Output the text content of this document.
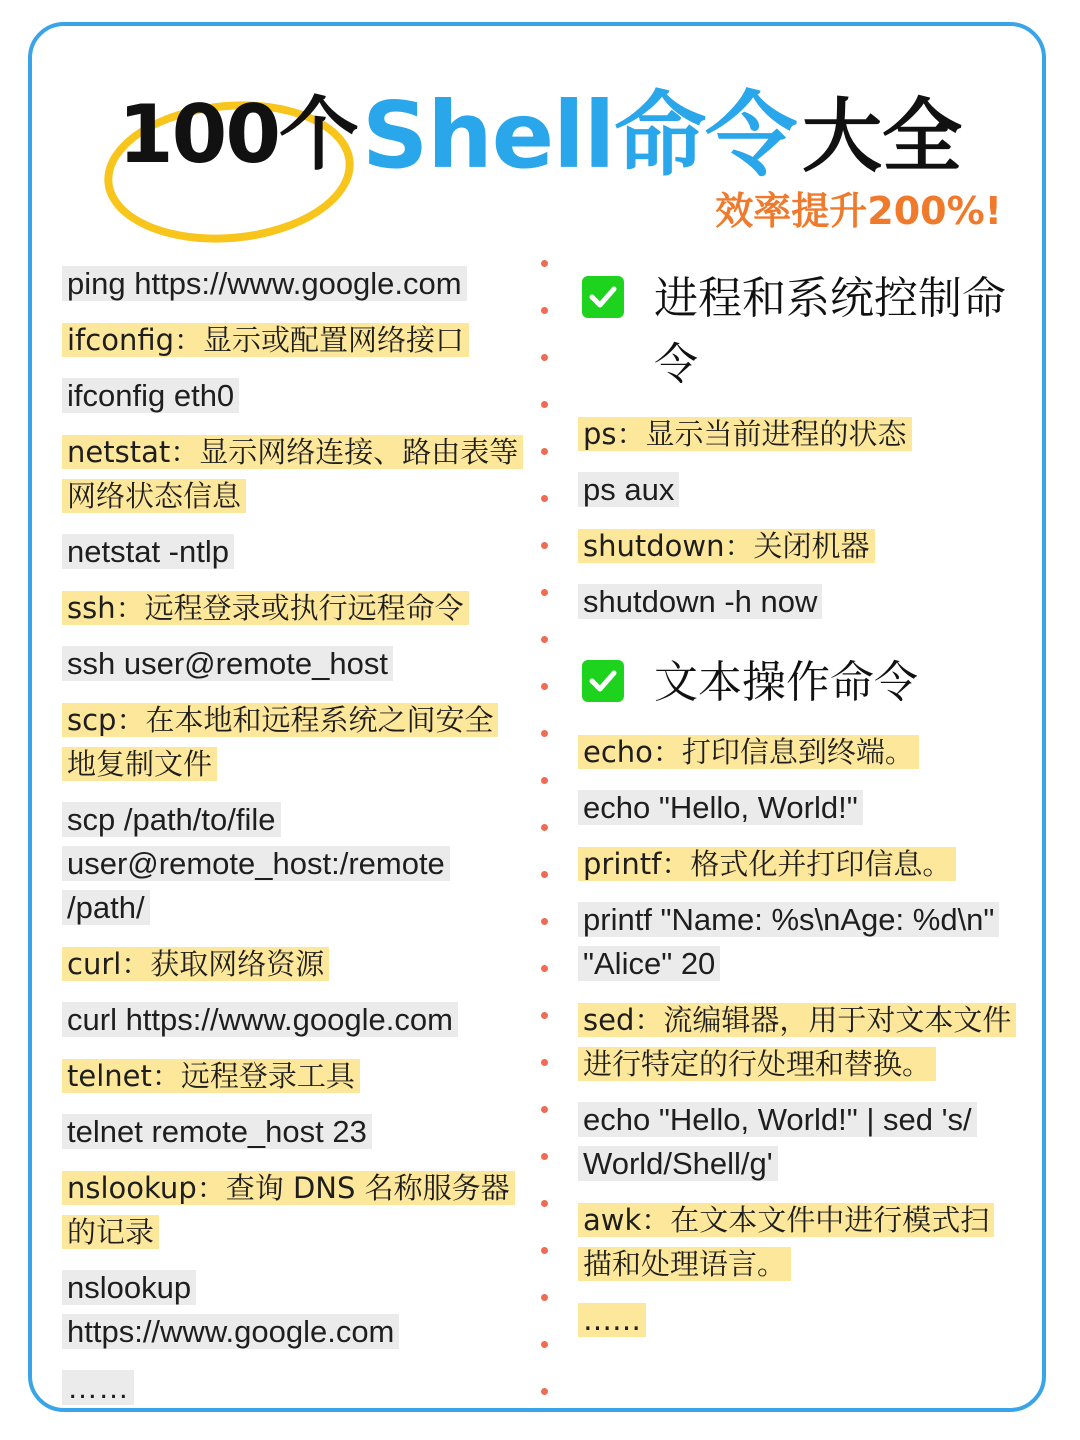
100个 Shell命令 大全
效率提升200%!
ping https://www.google.com
ifconfig：显示或配置网络接口
ifconfig eth0
netstat：显示网络连接、路由表等网络状态信息
netstat -ntlp
ssh：远程登录或执行远程命令
ssh user@remote_host
scp：在本地和远程系统之间安全地复制文件
scp /path/to/file user@remote_host:/remote /path/
curl：获取网络资源
curl https://www.google.com
telnet：远程登录工具
telnet remote_host 23
nslookup：查询 DNS 名称服务器的记录
nslookup https://www.google.com
……
进程和系统控制命令
ps：显示当前进程的状态
ps aux
shutdown：关闭机器
shutdown -h now
文本操作命令
echo：打印信息到终端。
echo "Hello, World!"
printf：格式化并打印信息。
printf "Name: %s\nAge: %d\n" "Alice" 20
sed：流编辑器，用于对文本文件进行特定的行处理和替换。
echo "Hello, World!" | sed 's/ World/Shell/g'
awk：在文本文件中进行模式扫描和处理语言。
……
